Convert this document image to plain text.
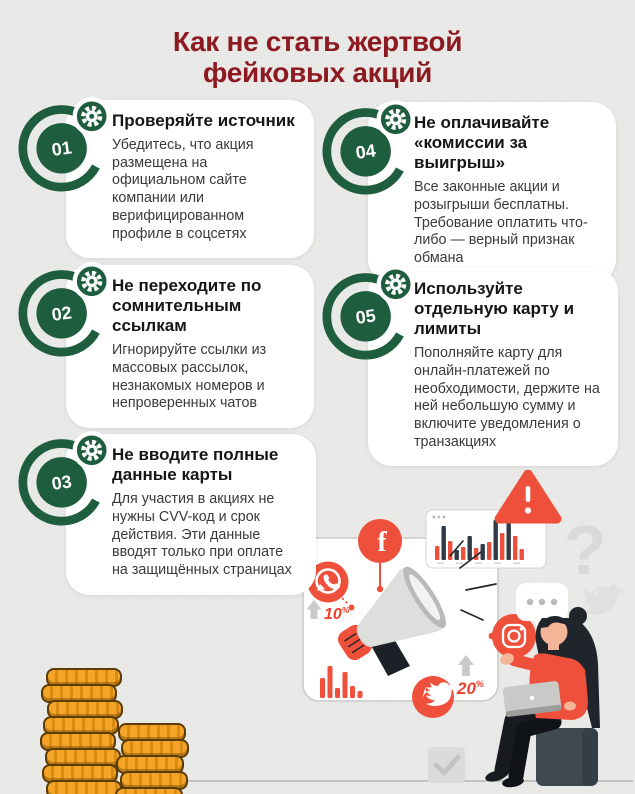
Как не стать жертвой фейковых акций
01

Проверяйте источник

Убедитесь, что акция размещена на официальном сайте компании или верифицированном профиле в соцсетях

02

Не переходите по сомнительным ссылкам

Игнорируйте ссылки из массовых рассылок, незнакомых номеров и непроверенных чатов

03

Не вводите полные данные карты

Для участия в акциях не нужны CVV-код и срок действия. Эти данные вводят только при оплате на защищённых страницах

04

Не оплачивайте «комиссии за выигрыш»

Все законные акции и розыгрыши бесплатны. Требование оплатить что-либо — верный признак обмана

05

Используйте отдельную карту и лимиты

Пополняйте карту для онлайн-платежей по необходимости, держите на ней небольшую сумму и включите уведомления о транзакциях

?
f
10%
20%
